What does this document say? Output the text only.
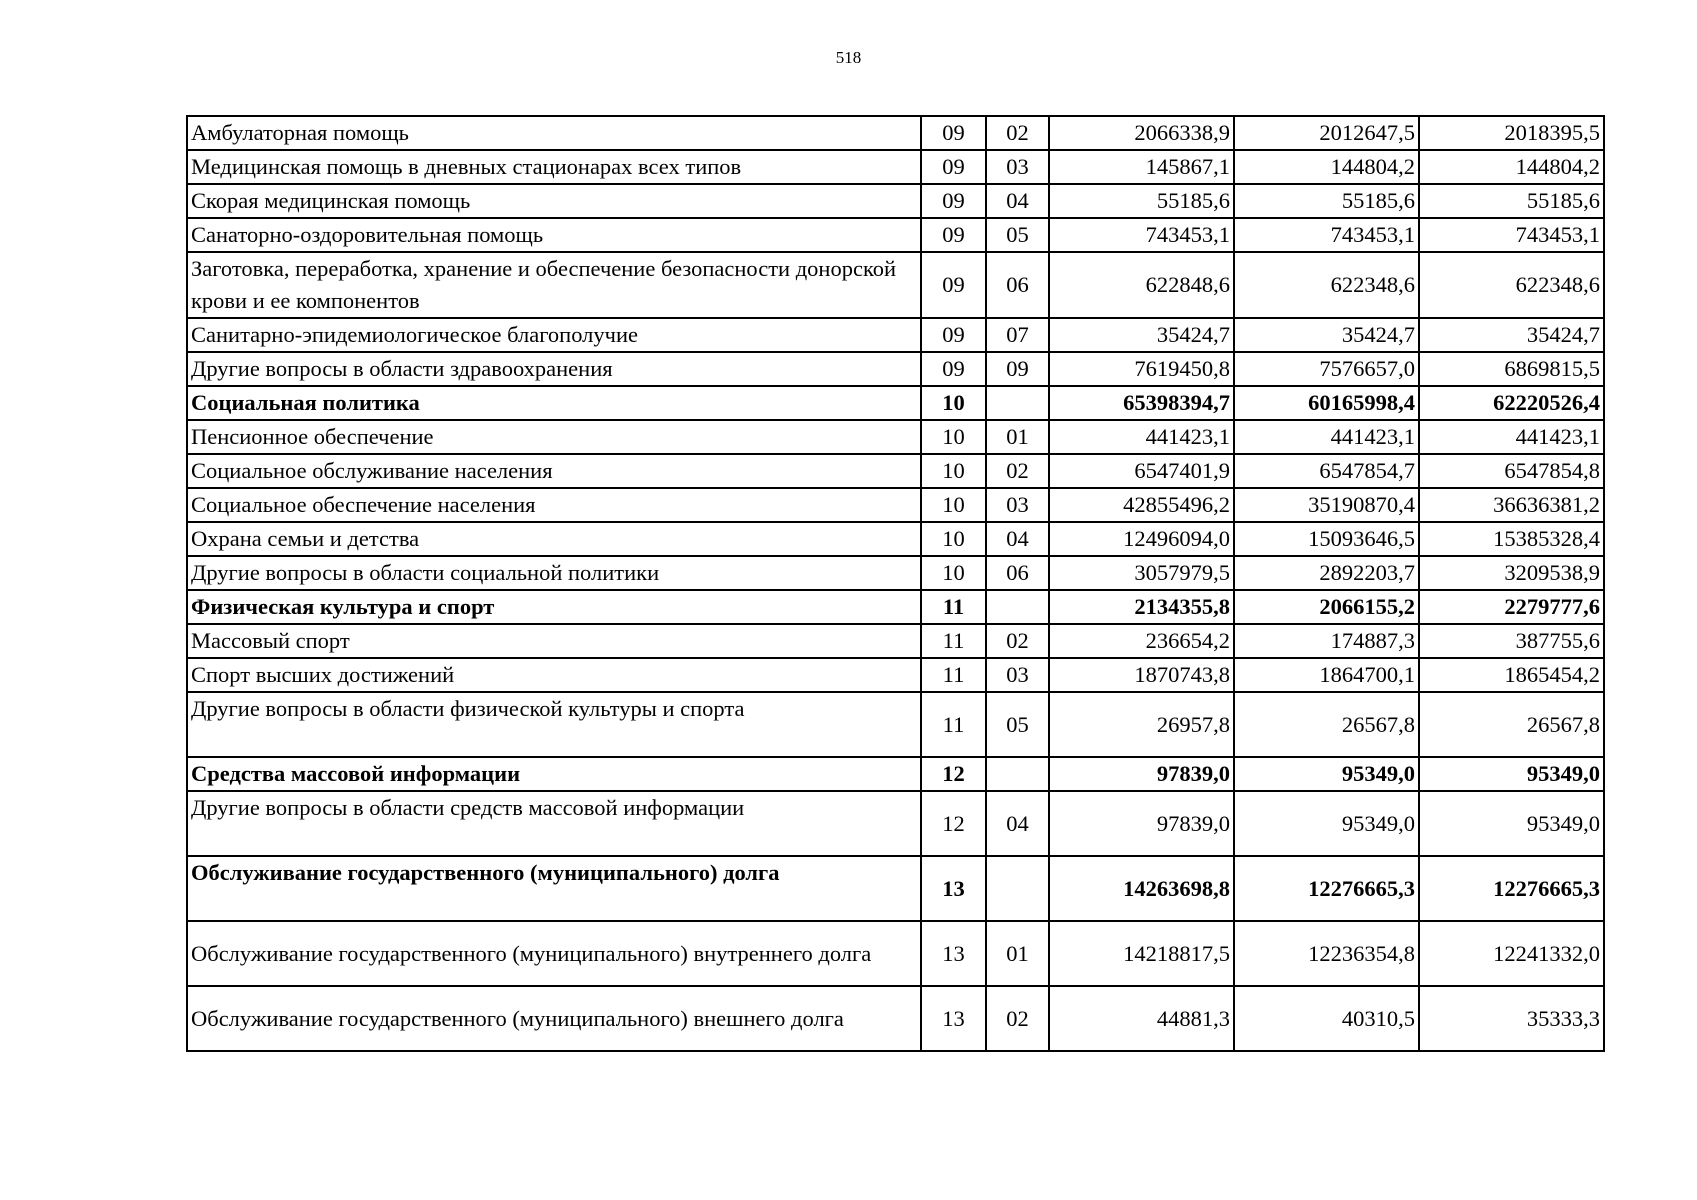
518
Амбулаторная помощь	09	02	2066338,9	2012647,5	2018395,5
Медицинская помощь в дневных стационарах всех типов	09	03	145867,1	144804,2	144804,2
Скорая медицинская помощь	09	04	55185,6	55185,6	55185,6
Санаторно-оздоровительная помощь	09	05	743453,1	743453,1	743453,1
Заготовка, переработка, хранение и обеспечение безопасности донорской крови и ее компонентов	09	06	622848,6	622348,6	622348,6
Санитарно-эпидемиологическое благополучие	09	07	35424,7	35424,7	35424,7
Другие вопросы в области здравоохранения	09	09	7619450,8	7576657,0	6869815,5
Социальная политика	10		65398394,7	60165998,4	62220526,4
Пенсионное обеспечение	10	01	441423,1	441423,1	441423,1
Социальное обслуживание населения	10	02	6547401,9	6547854,7	6547854,8
Социальное обеспечение населения	10	03	42855496,2	35190870,4	36636381,2
Охрана семьи и детства	10	04	12496094,0	15093646,5	15385328,4
Другие вопросы в области социальной политики	10	06	3057979,5	2892203,7	3209538,9
Физическая культура и спорт	11		2134355,8	2066155,2	2279777,6
Массовый спорт	11	02	236654,2	174887,3	387755,6
Спорт высших достижений	11	03	1870743,8	1864700,1	1865454,2
Другие вопросы в области физической культуры и спорта	11	05	26957,8	26567,8	26567,8
Средства массовой информации	12		97839,0	95349,0	95349,0
Другие вопросы в области средств массовой информации	12	04	97839,0	95349,0	95349,0
Обслуживание государственного (муниципального) долга	13		14263698,8	12276665,3	12276665,3
Обслуживание государственного (муниципального) внутреннего долга	13	01	14218817,5	12236354,8	12241332,0
Обслуживание государственного (муниципального) внешнего долга	13	02	44881,3	40310,5	35333,3
